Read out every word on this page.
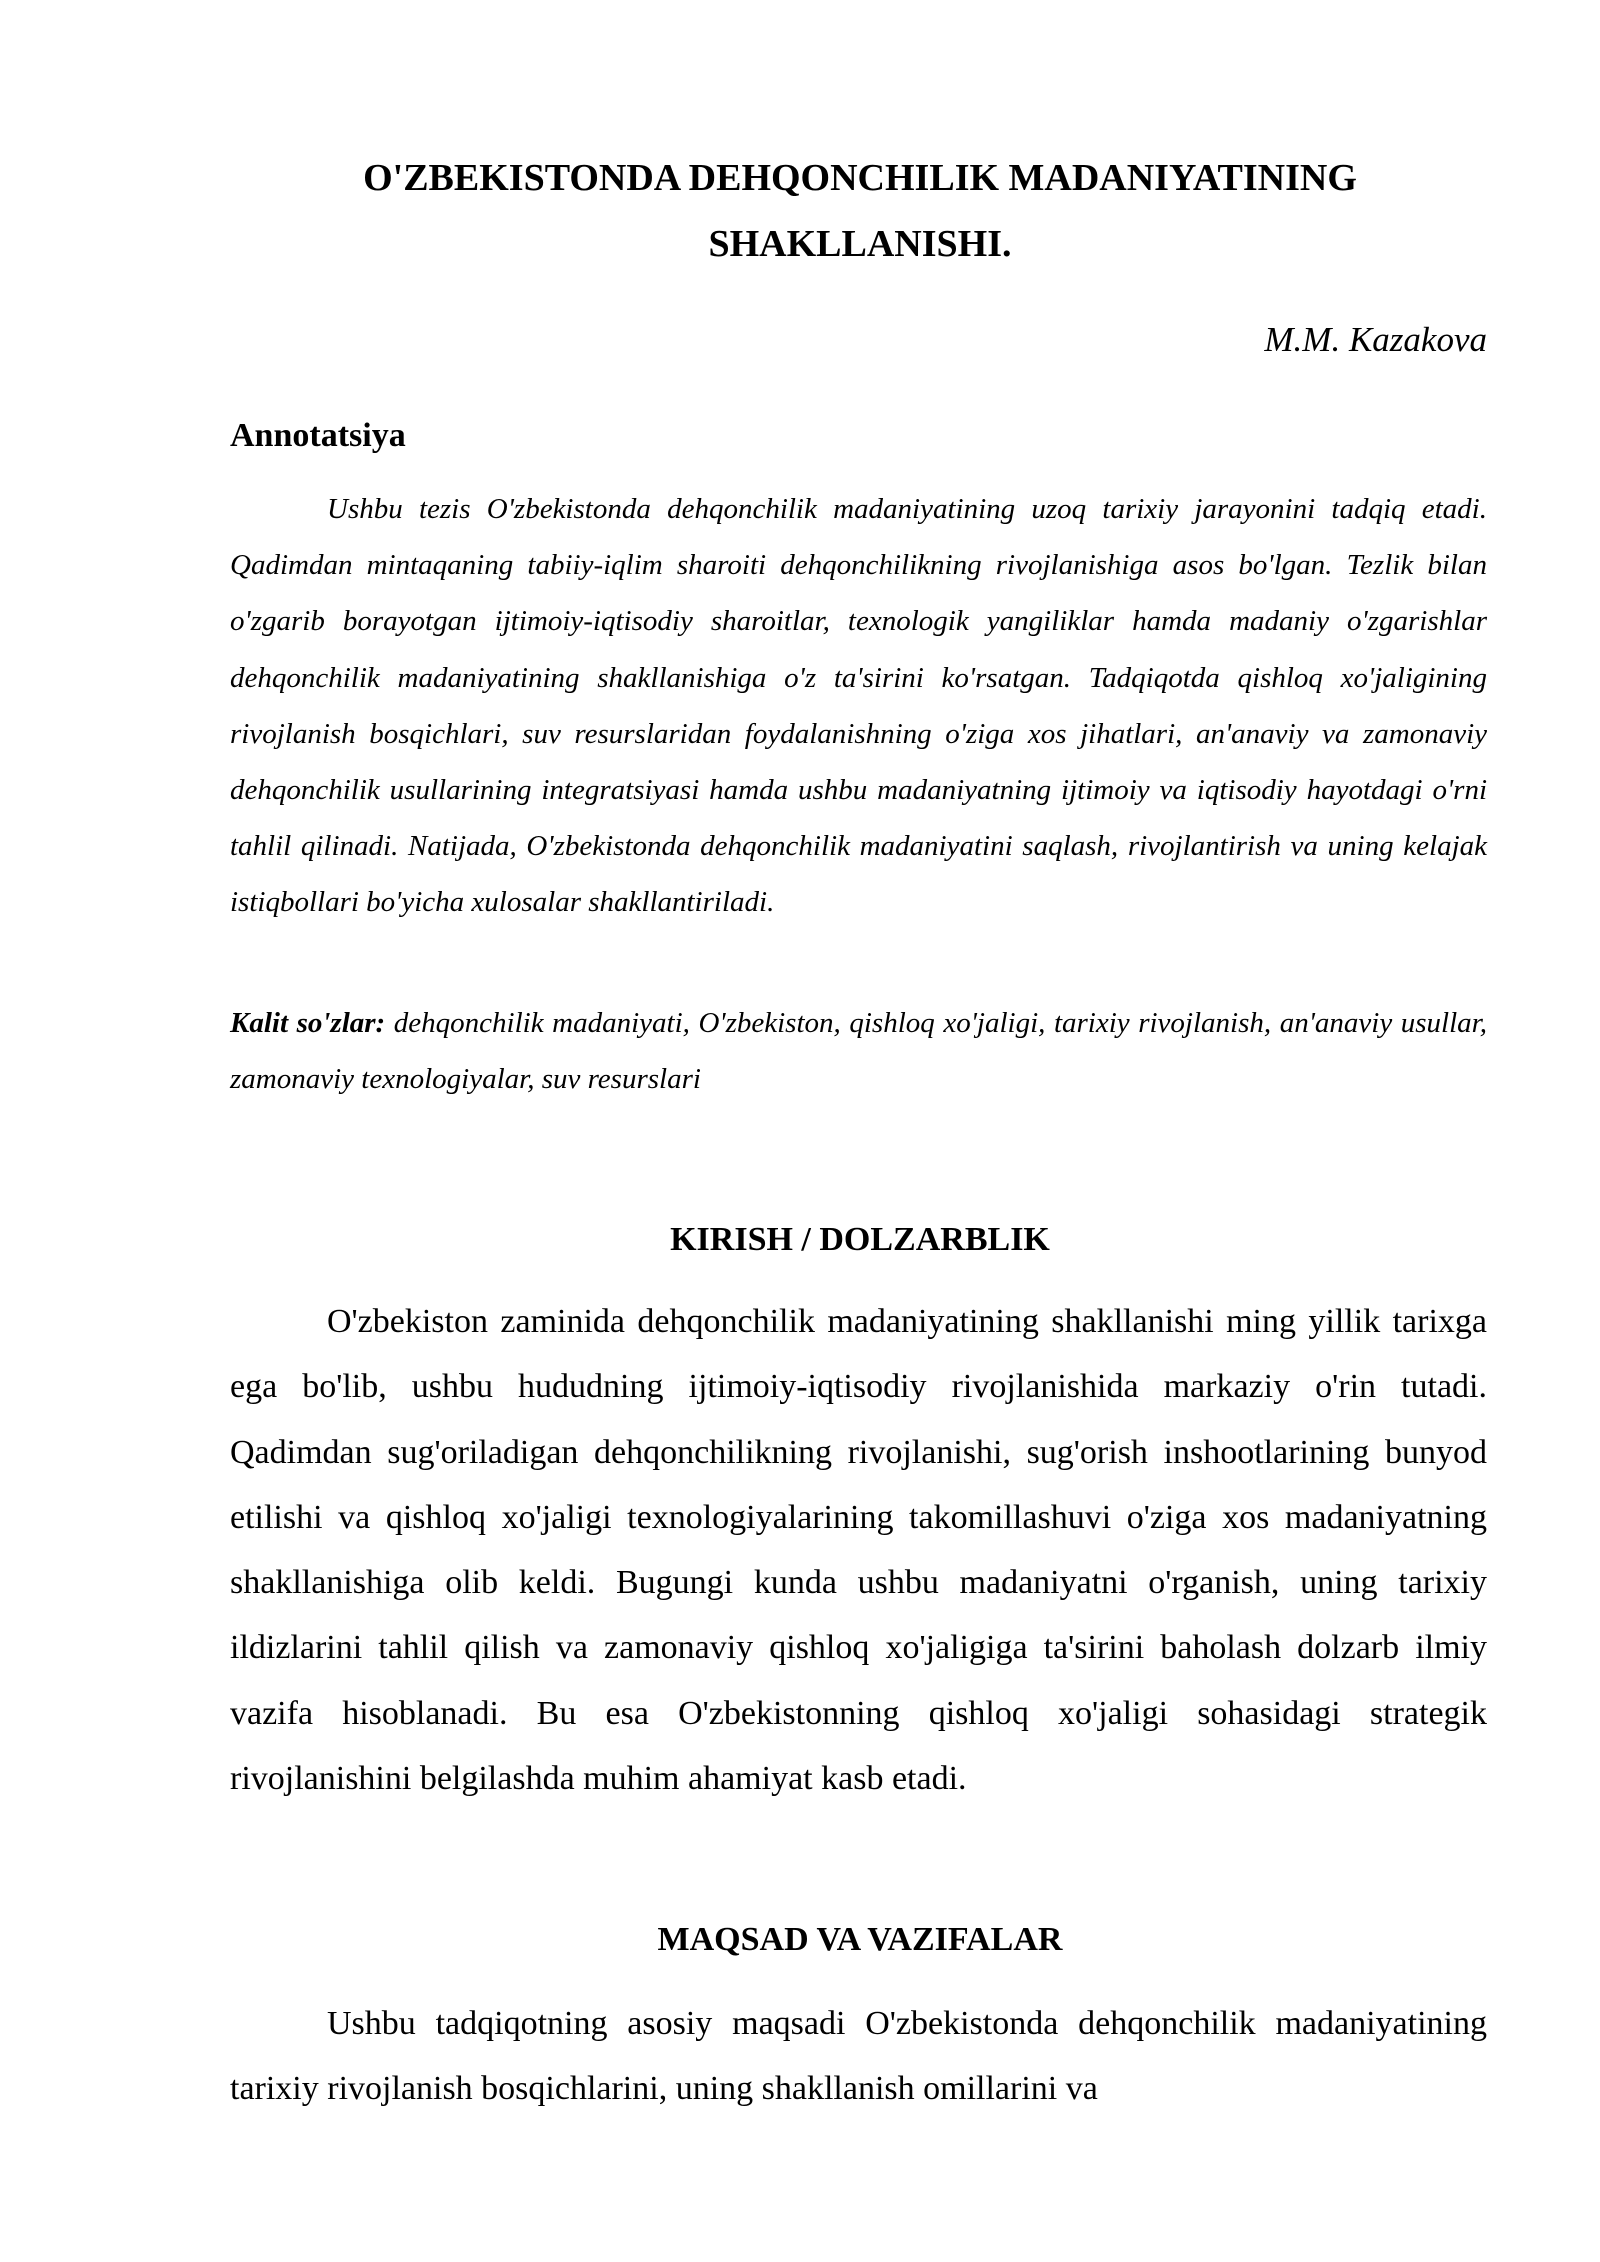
O'ZBEKISTONDA DEHQONCHILIK MADANIYATINING
SHAKLLANISHI.

M.M. Kazakova

Annotatsiya

Ushbu tezis O'zbekistonda dehqonchilik madaniyatining uzoq tarixiy jarayonini tadqiq etadi. Qadimdan mintaqaning tabiiy-iqlim sharoiti dehqonchilikning rivojlanishiga asos bo'lgan. Tezlik bilan o'zgarib borayotgan ijtimoiy-iqtisodiy sharoitlar, texnologik yangiliklar hamda madaniy o'zgarishlar dehqonchilik madaniyatining shakllanishiga o'z ta'sirini ko'rsatgan. Tadqiqotda qishloq xo'jaligining rivojlanish bosqichlari, suv resurslaridan foydalanishning o'ziga xos jihatlari, an'anaviy va zamonaviy dehqonchilik usullarining integratsiyasi hamda ushbu madaniyatning ijtimoiy va iqtisodiy hayotdagi o'rni tahlil qilinadi. Natijada, O'zbekistonda dehqonchilik madaniyatini saqlash, rivojlantirish va uning kelajak istiqbollari bo'yicha xulosalar shakllantiriladi.

Kalit so'zlar: dehqonchilik madaniyati, O'zbekiston, qishloq xo'jaligi, tarixiy rivojlanish, an'anaviy usullar, zamonaviy texnologiyalar, suv resurslari

KIRISH / DOLZARBLIK

O'zbekiston zaminida dehqonchilik madaniyatining shakllanishi ming yillik tarixga ega bo'lib, ushbu hududning ijtimoiy-iqtisodiy rivojlanishida markaziy o'rin tutadi. Qadimdan sug'oriladigan dehqonchilikning rivojlanishi, sug'orish inshootlarining bunyod etilishi va qishloq xo'jaligi texnologiyalarining takomillashuvi o'ziga xos madaniyatning shakllanishiga olib keldi. Bugungi kunda ushbu madaniyatni o'rganish, uning tarixiy ildizlarini tahlil qilish va zamonaviy qishloq xo'jaligiga ta'sirini baholash dolzarb ilmiy vazifa hisoblanadi. Bu esa O'zbekistonning qishloq xo'jaligi sohasidagi strategik rivojlanishini belgilashda muhim ahamiyat kasb etadi.

MAQSAD VA VAZIFALAR

Ushbu tadqiqotning asosiy maqsadi O'zbekistonda dehqonchilik madaniyatining tarixiy rivojlanish bosqichlarini, uning shakllanish omillarini va
